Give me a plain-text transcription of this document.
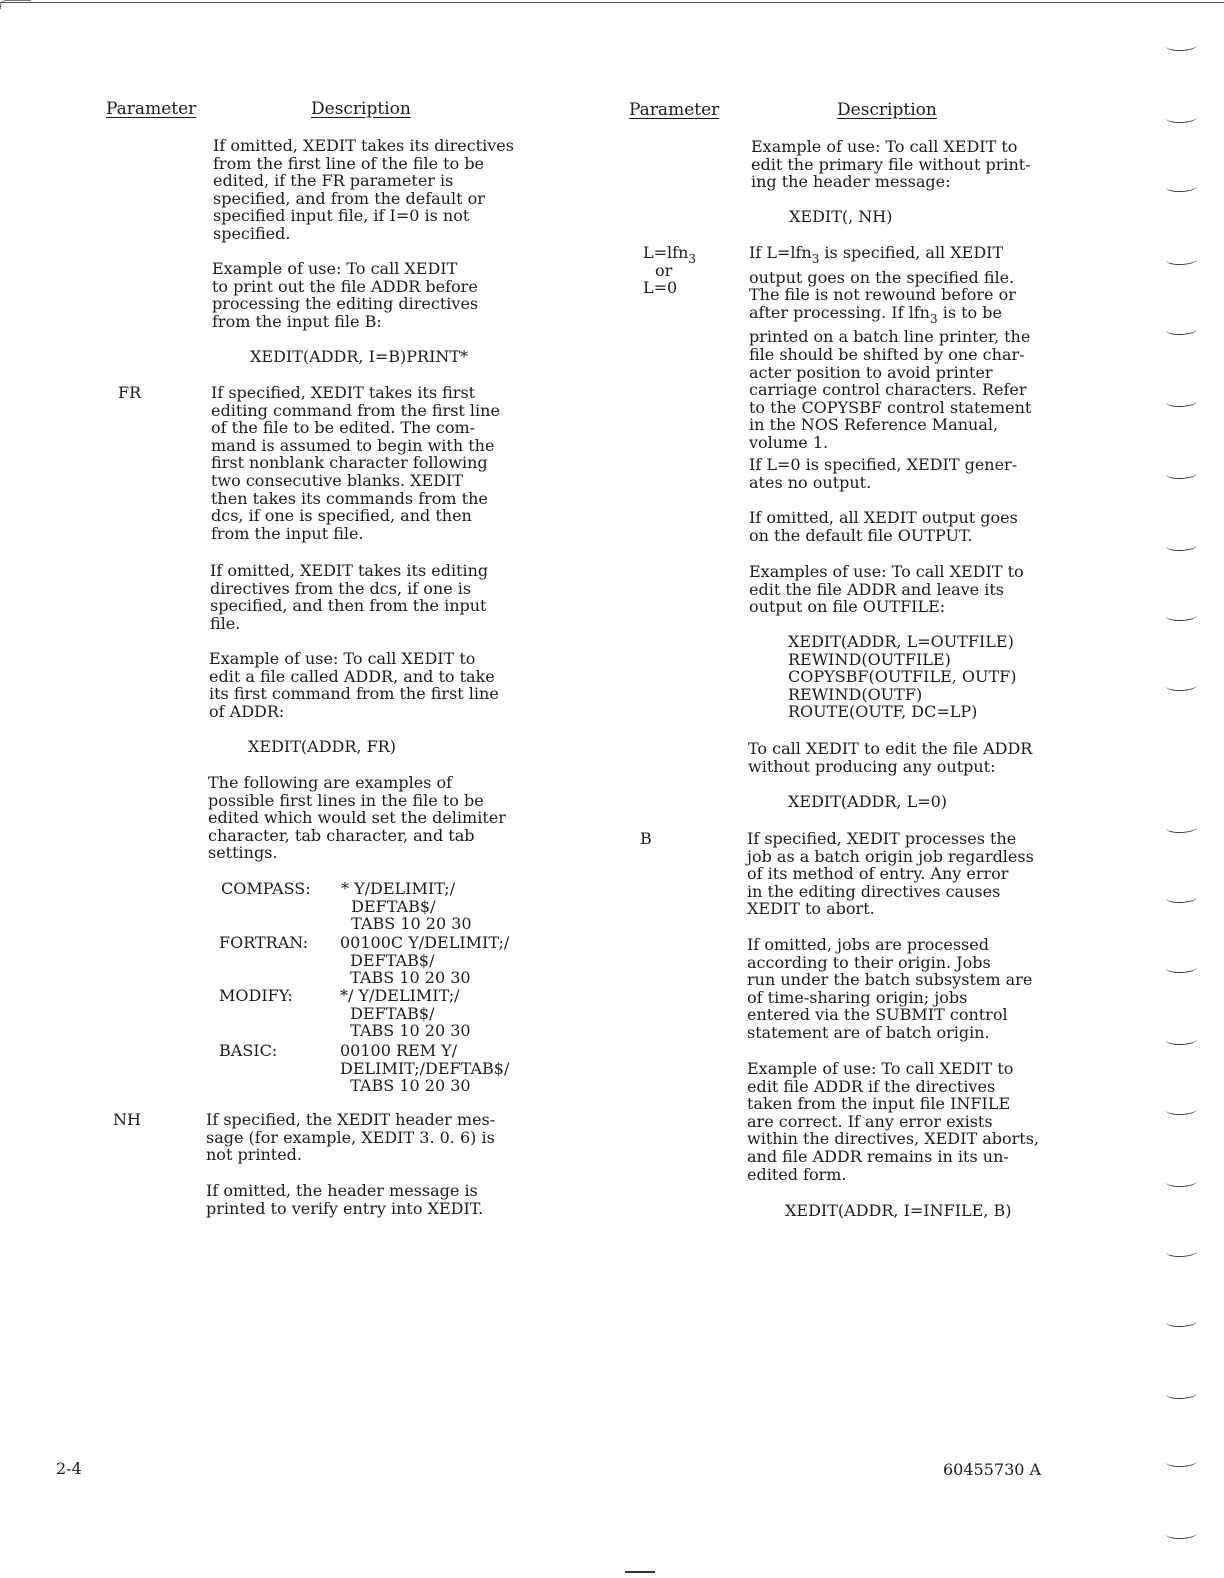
Parameter	Description	Parameter	Description
If omitted, XEDIT takes its directives
from the first line of the file to be
edited, if the FR parameter is
specified, and from the default or
specified input file, if I=0 is not
specified.
Example of use: To call XEDIT
to print out the file ADDR before
processing the editing directives
from the input file B:
XEDIT(ADDR, I=B)PRINT*
FR	If specified, XEDIT takes its first
editing command from the first line
of the file to be edited. The com-
mand is assumed to begin with the
first nonblank character following
two consecutive blanks. XEDIT
then takes its commands from the
dcs, if one is specified, and then
from the input file.
If omitted, XEDIT takes its editing
directives from the dcs, if one is
specified, and then from the input
file.
Example of use: To call XEDIT to
edit a file called ADDR, and to take
its first command from the first line
of ADDR:
XEDIT(ADDR, FR)
The following are examples of
possible first lines in the file to be
edited which would set the delimiter
character, tab character, and tab
settings.
COMPASS: * Y/DELIMIT;/
DEFTAB$/
TABS 10 20 30
FORTRAN: 00100C Y/DELIMIT;/
DEFTAB$/
TABS 10 20 30
MODIFY:	*/ Y/DELIMIT;/
DEFTAB$/
TABS 10 20 30
BASIC:	00100 REM Y/
DELIMIT;/DEFTAB$/
TABS 10 20 30
NH	If specified, the XEDIT header mes-
sage (for example, XEDIT 3. 0. 6) is
not printed.
If omitted, the header message is
printed to verify entry into XEDIT.
Example of use: To call XEDIT to
edit the primary file without print-
ing the header message:
XEDIT(, NH)
L=lfn$_3$
or
L=0
If L=lfn$_3$ is specified, all XEDIT
output goes on the specified file.
The file is not rewound before or
after processing. If lfn$_3$ is to be
printed on a batch line printer, the
file should be shifted by one char-
acter position to avoid printer
carriage control characters. Refer
to the COPYSBF control statement
in the NOS Reference Manual,
volume 1.
If L=0 is specified, XEDIT gener-
ates no output.
If omitted, all XEDIT output goes
on the default file OUTPUT.
Examples of use: To call XEDIT to
edit the file ADDR and leave its
output on file OUTFILE:
XEDIT(ADDR, L=OUTFILE)
REWIND(OUTFILE)
COPYSBF(OUTFILE, OUTF)
REWIND(OUTF)
ROUTE(OUTF, DC=LP)
To call XEDIT to edit the file ADDR
without producing any output:
XEDIT(ADDR, L=0)
B	If specified, XEDIT processes the
job as a batch origin job regardless
of its method of entry. Any error
in the editing directives causes
XEDIT to abort.
If omitted, jobs are processed
according to their origin. Jobs
run under the batch subsystem are
of time-sharing origin; jobs
entered via the SUBMIT control
statement are of batch origin.
Example of use: To call XEDIT to
edit file ADDR if the directives
taken from the input file INFILE
are correct. If any error exists
within the directives, XEDIT aborts,
and file ADDR remains in its un-
edited form.
XEDIT(ADDR, I=INFILE, B)
2-4	60455730 A
